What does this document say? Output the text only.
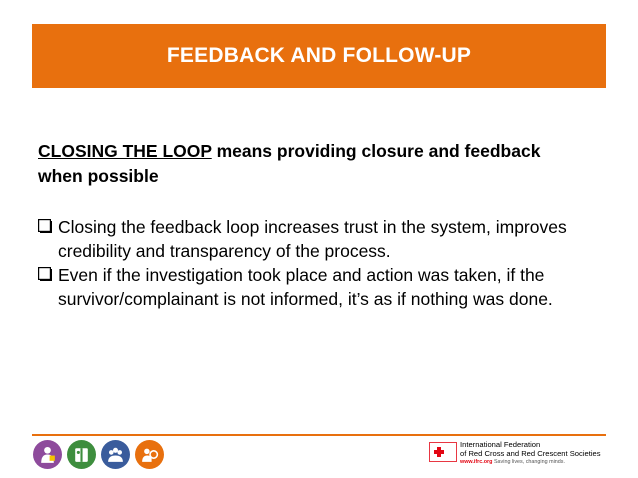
FEEDBACK AND FOLLOW-UP

CLOSING THE LOOP means providing closure and feedback when possible

Closing the feedback loop increases trust in the system, improves credibility and transparency of the process.
Even if the investigation took place and action was taken, if the survivor/complainant is not informed, it’s as if nothing was done.
International Federation
of Red Cross and Red Crescent Societies
www.ifrc.org Saving lives, changing minds.
